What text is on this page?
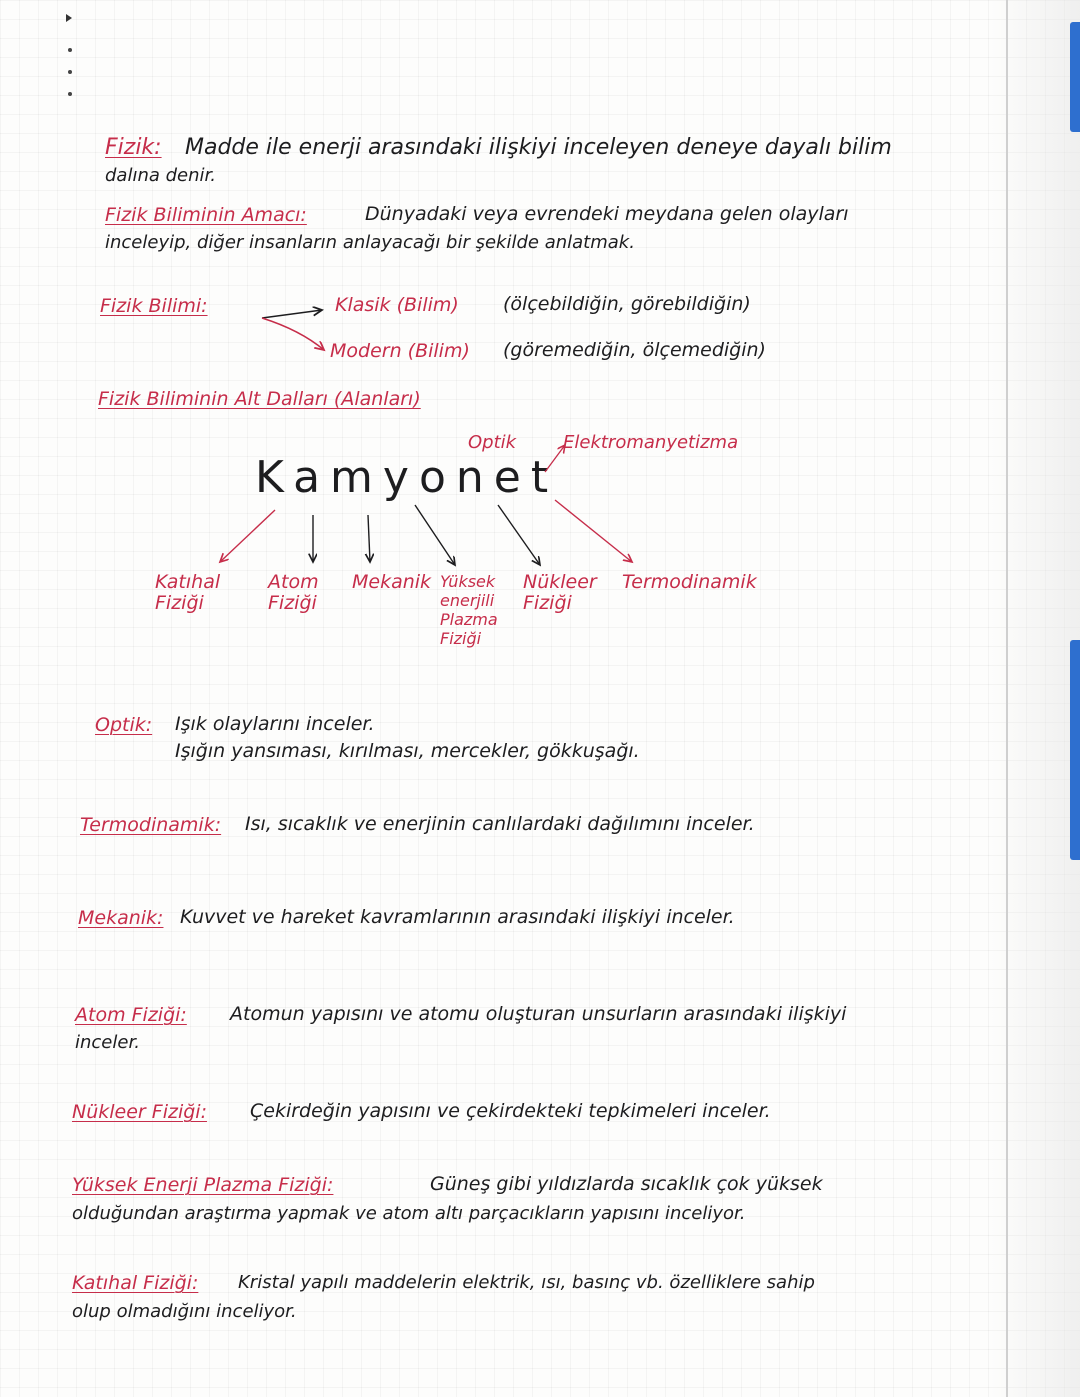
Fizik: Madde ile enerji arasındaki ilişkiyi inceleyen deneye dayalı bilim
dalına denir.
Fizik Biliminin Amacı:	Dünyadaki veya evrendeki meydana gelen olayları
inceleyip, diğer insanların anlayacağı bir şekilde anlatmak.
Fizik Bilimi:	Klasik (Bilim) (ölçebildiğin, görebildiğin)
Modern (Bilim) (göremediğin, ölçemediğin)
Fizik Biliminin Alt Dalları (Alanları)
Optik	Elektromanyetizma
Kamyonet
Katıhal
Fiziği
Atom
Fiziği
Mekanik Yüksek
enerjili
Plazma
Fiziği
Nükleer
Fiziği
Termodinamik
Optik: Işık olaylarını inceler.
Işığın yansıması, kırılması, mercekler, gökkuşağı.
Termodinamik: Isı, sıcaklık ve enerjinin canlılardaki dağılımını inceler.
Mekanik: Kuvvet ve hareket kavramlarının arasındaki ilişkiyi inceler.
Atom Fiziği: Atomun yapısını ve atomu oluşturan unsurların arasındaki ilişkiyi
inceler.
Nükleer Fiziği: Çekirdeğin yapısını ve çekirdekteki tepkimeleri inceler.
Yüksek Enerji Plazma Fiziği:	Güneş gibi yıldızlarda sıcaklık çok yüksek
olduğundan araştırma yapmak ve atom altı parçacıkların yapısını inceliyor.
Katıhal Fiziği: Kristal yapılı maddelerin elektrik, ısı, basınç vb. özelliklere sahip
olup olmadığını inceliyor.
